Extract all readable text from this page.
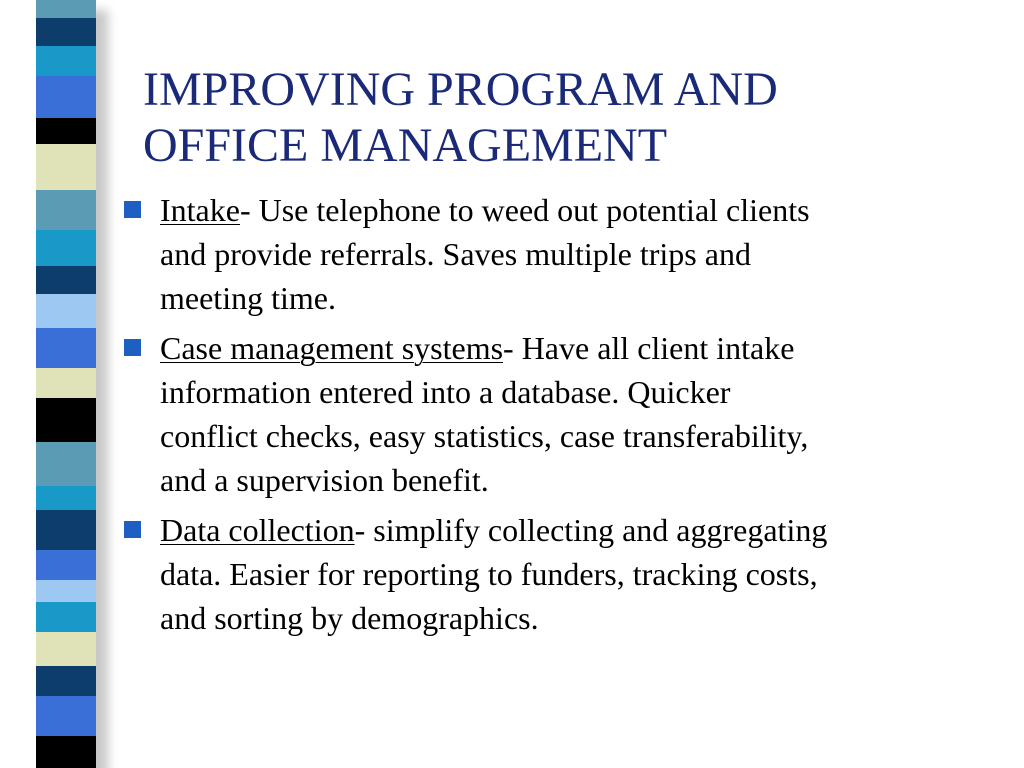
IMPROVING PROGRAM AND
OFFICE MANAGEMENT
Intake- Use telephone to weed out potential clients
and provide referrals. Saves multiple trips and
meeting time.
Case management systems- Have all client intake
information entered into a database. Quicker
conflict checks, easy statistics, case transferability,
and a supervision benefit.
Data collection- simplify collecting and aggregating
data. Easier for reporting to funders, tracking costs,
and sorting by demographics.
